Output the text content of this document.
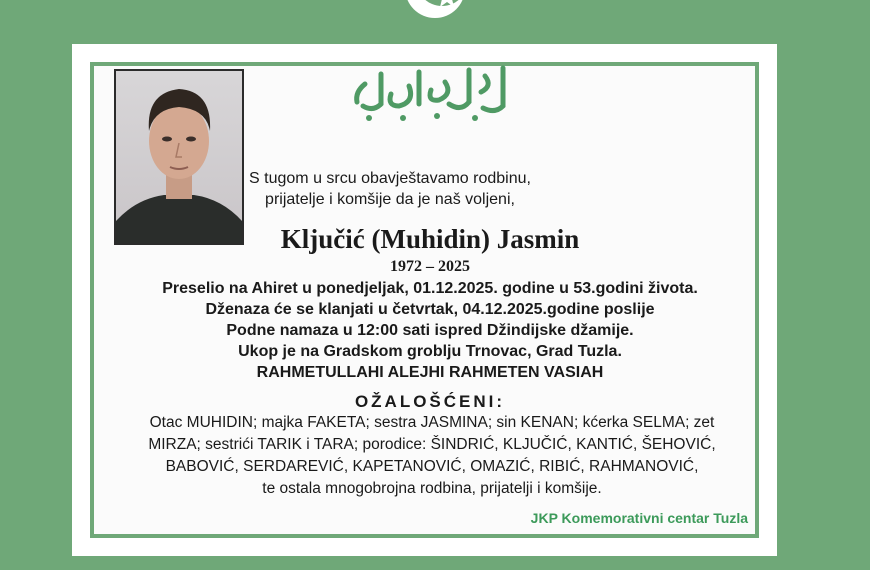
S tugom u srcu obavještavamo rodbinu,
prijatelje i komšije da je naš voljeni,
Ključić (Muhidin) Jasmin
1972 – 2025
Preselio na Ahiret u ponedjeljak, 01.12.2025. godine u 53.godini života.
Dženaza će se klanjati u četvrtak, 04.12.2025.godine poslije
Podne namaza u 12:00 sati ispred Džindijske džamije.
Ukop je na Gradskom groblju Trnovac, Grad Tuzla.
RAHMETULLAHI ALEJHI RAHMETEN VASIAH
OŽALOŠĆENI:
Otac MUHIDIN; majka FAKETA; sestra JASMINA; sin KENAN; kćerka SELMA; zet
MIRZA; sestrići TARIK i TARA; porodice: ŠINDRIĆ, KLJUČIĆ, KANTIĆ, ŠEHOVIĆ,
BABOVIĆ, SERDAREVIĆ, KAPETANOVIĆ, OMAZIĆ, RIBIĆ, RAHMANOVIĆ,
te ostala mnogobrojna rodbina, prijatelji i komšije.
JKP Komemorativni centar Tuzla
